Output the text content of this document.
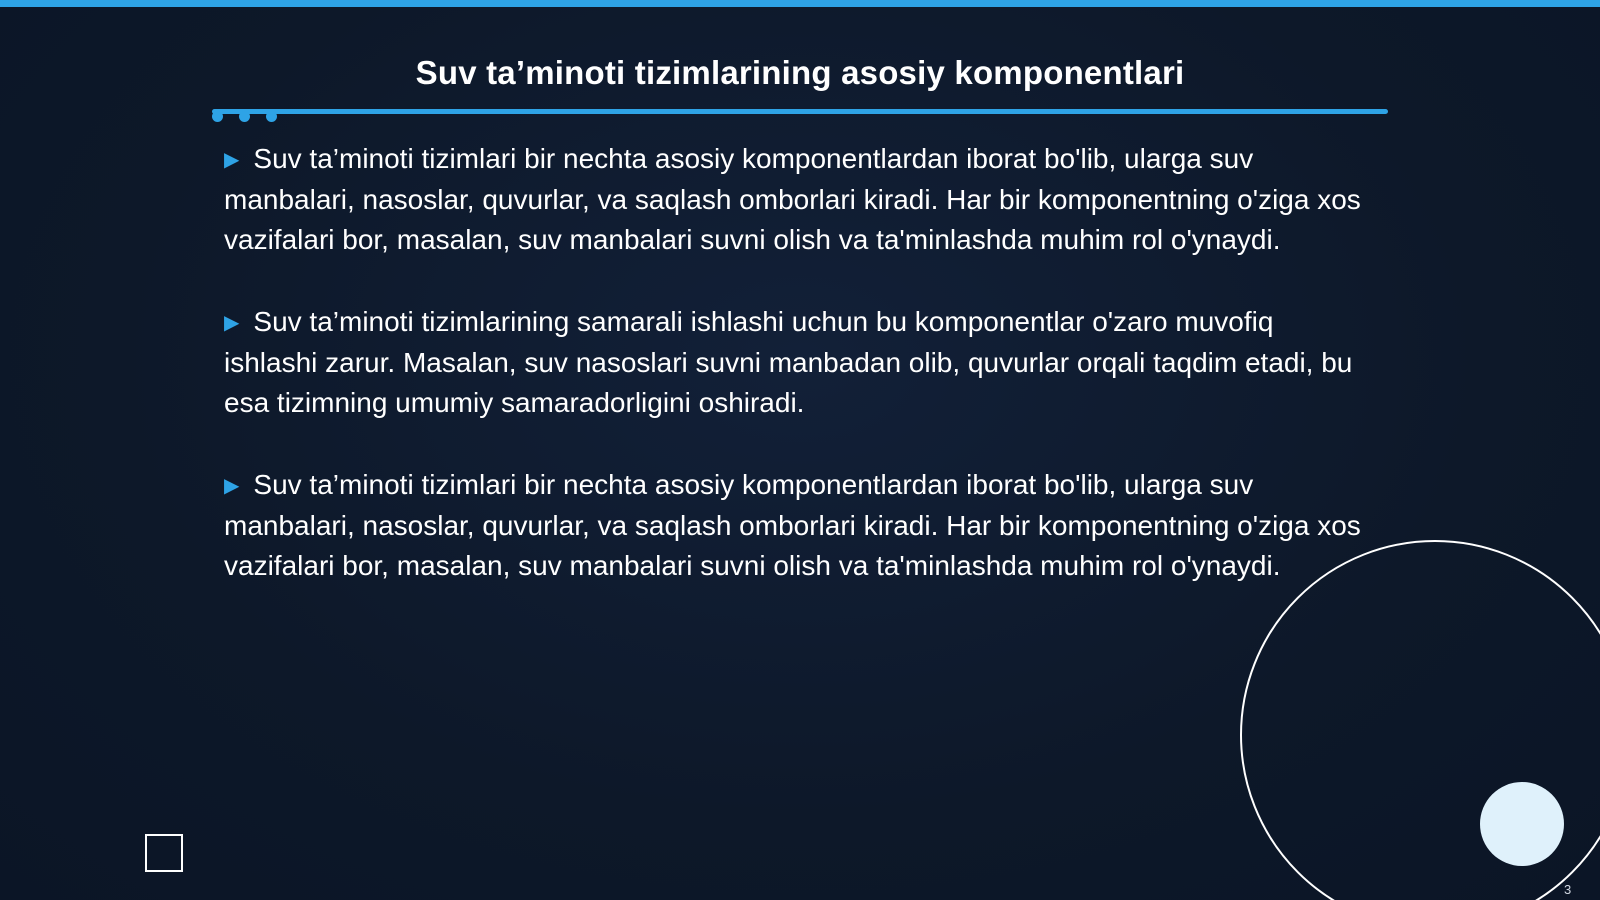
Suv ta’minoti tizimlarining asosiy komponentlari

▶ Suv ta’minoti tizimlari bir nechta asosiy komponentlardan iborat bo'lib, ularga suv manbalari, nasoslar, quvurlar, va saqlash omborlari kiradi. Har bir komponentning o'ziga xos vazifalari bor, masalan, suv manbalari suvni olish va ta'minlashda muhim rol o'ynaydi.

▶ Suv ta’minoti tizimlarining samarali ishlashi uchun bu komponentlar o'zaro muvofiq ishlashi zarur. Masalan, suv nasoslari suvni manbadan olib, quvurlar orqali taqdim etadi, bu esa tizimning umumiy samaradorligini oshiradi.

▶ Suv ta’minoti tizimlari bir nechta asosiy komponentlardan iborat bo'lib, ularga suv manbalari, nasoslar, quvurlar, va saqlash omborlari kiradi. Har bir komponentning o'ziga xos vazifalari bor, masalan, suv manbalari suvni olish va ta'minlashda muhim rol o'ynaydi.

3
